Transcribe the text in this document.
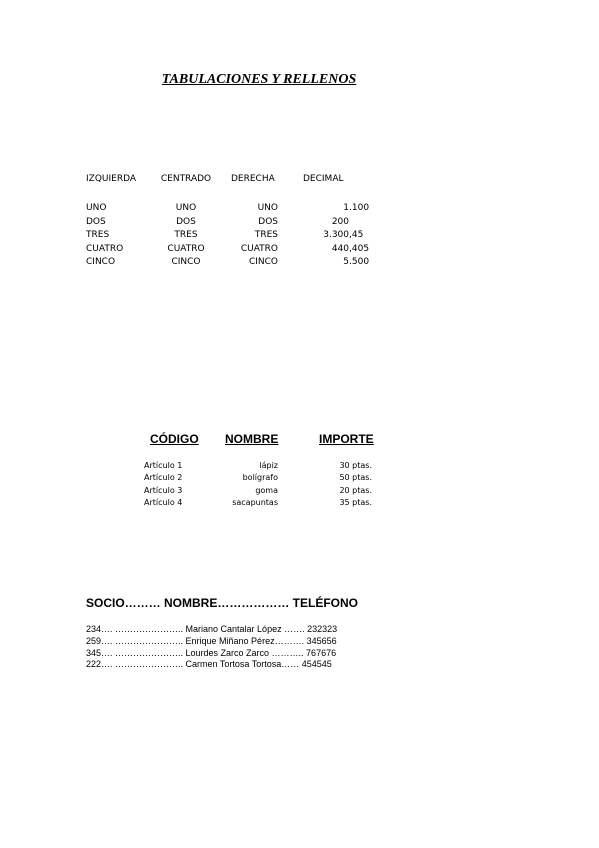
TABULACIONES Y RELLENOS
IZQUIERDA	CENTRADO	DERECHA	DECIMAL
UNO	UNO	UNO	1.100
DOS	DOS	DOS	200
TRES	TRES	TRES	3.300,45
CUATRO	CUATRO	CUATRO	440,405
CINCO	CINCO	CINCO	5.500
CÓDIGO NOMBRE	IMPORTE
Artículo 1	lápiz	30 ptas.
Artículo 2	bolígrafo	50 ptas.
Artículo 3	goma	20 ptas.
Artículo 4	sacapuntas	35 ptas.
SOCIO……… NOMBRE……………… TELÉFONO
234…. ………………….. Mariano Cantalar López ……. 232323
259…. ………………….. Enrique Miñano Pérez………. 345656
345…. ………………….. Lourdes Zarco Zarco ……….. 767676
222…. ………………….. Carmen Tortosa Tortosa…… 454545
